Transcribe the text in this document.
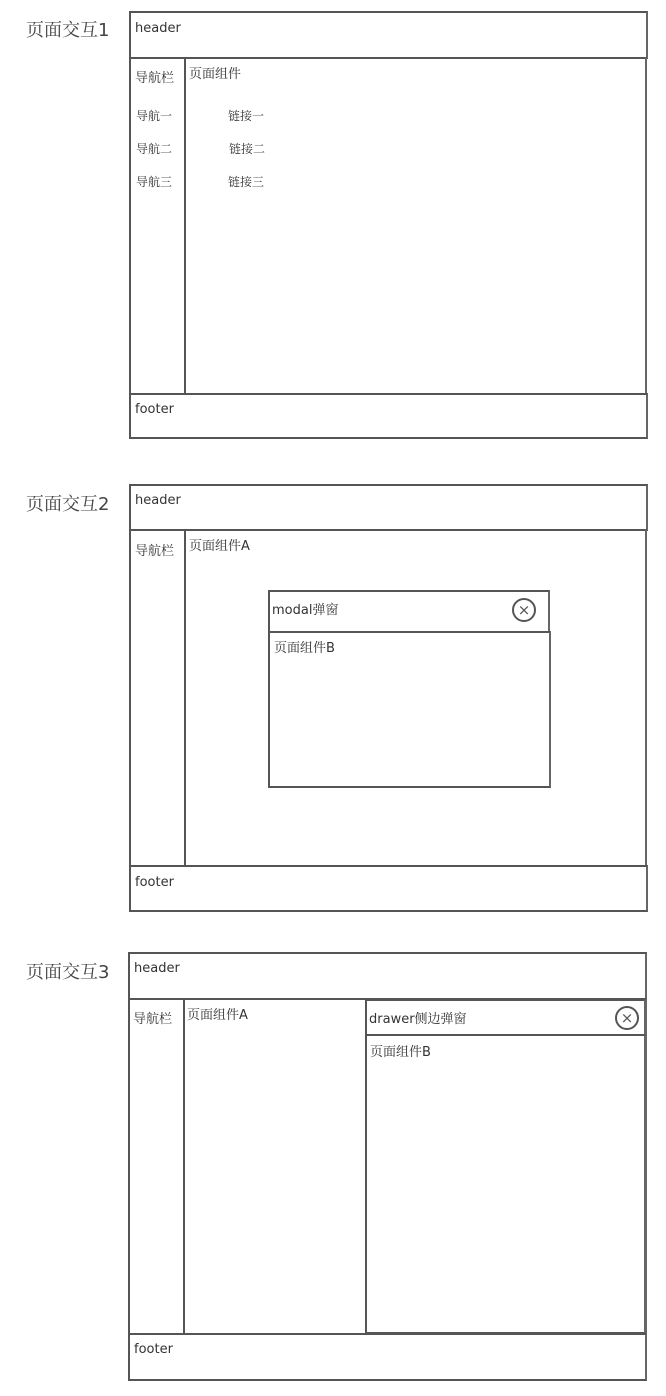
页面交互1 header
导航栏
导航一
导航二
导航三
页面组件
链接一
链接二
链接三
footer
页面交互2 header
导航栏 页面组件A
modal弹窗	×
页面组件B
footer
页面交互3 header
导航栏 页面组件A	drawer侧边弹窗	×
页面组件B
footer
